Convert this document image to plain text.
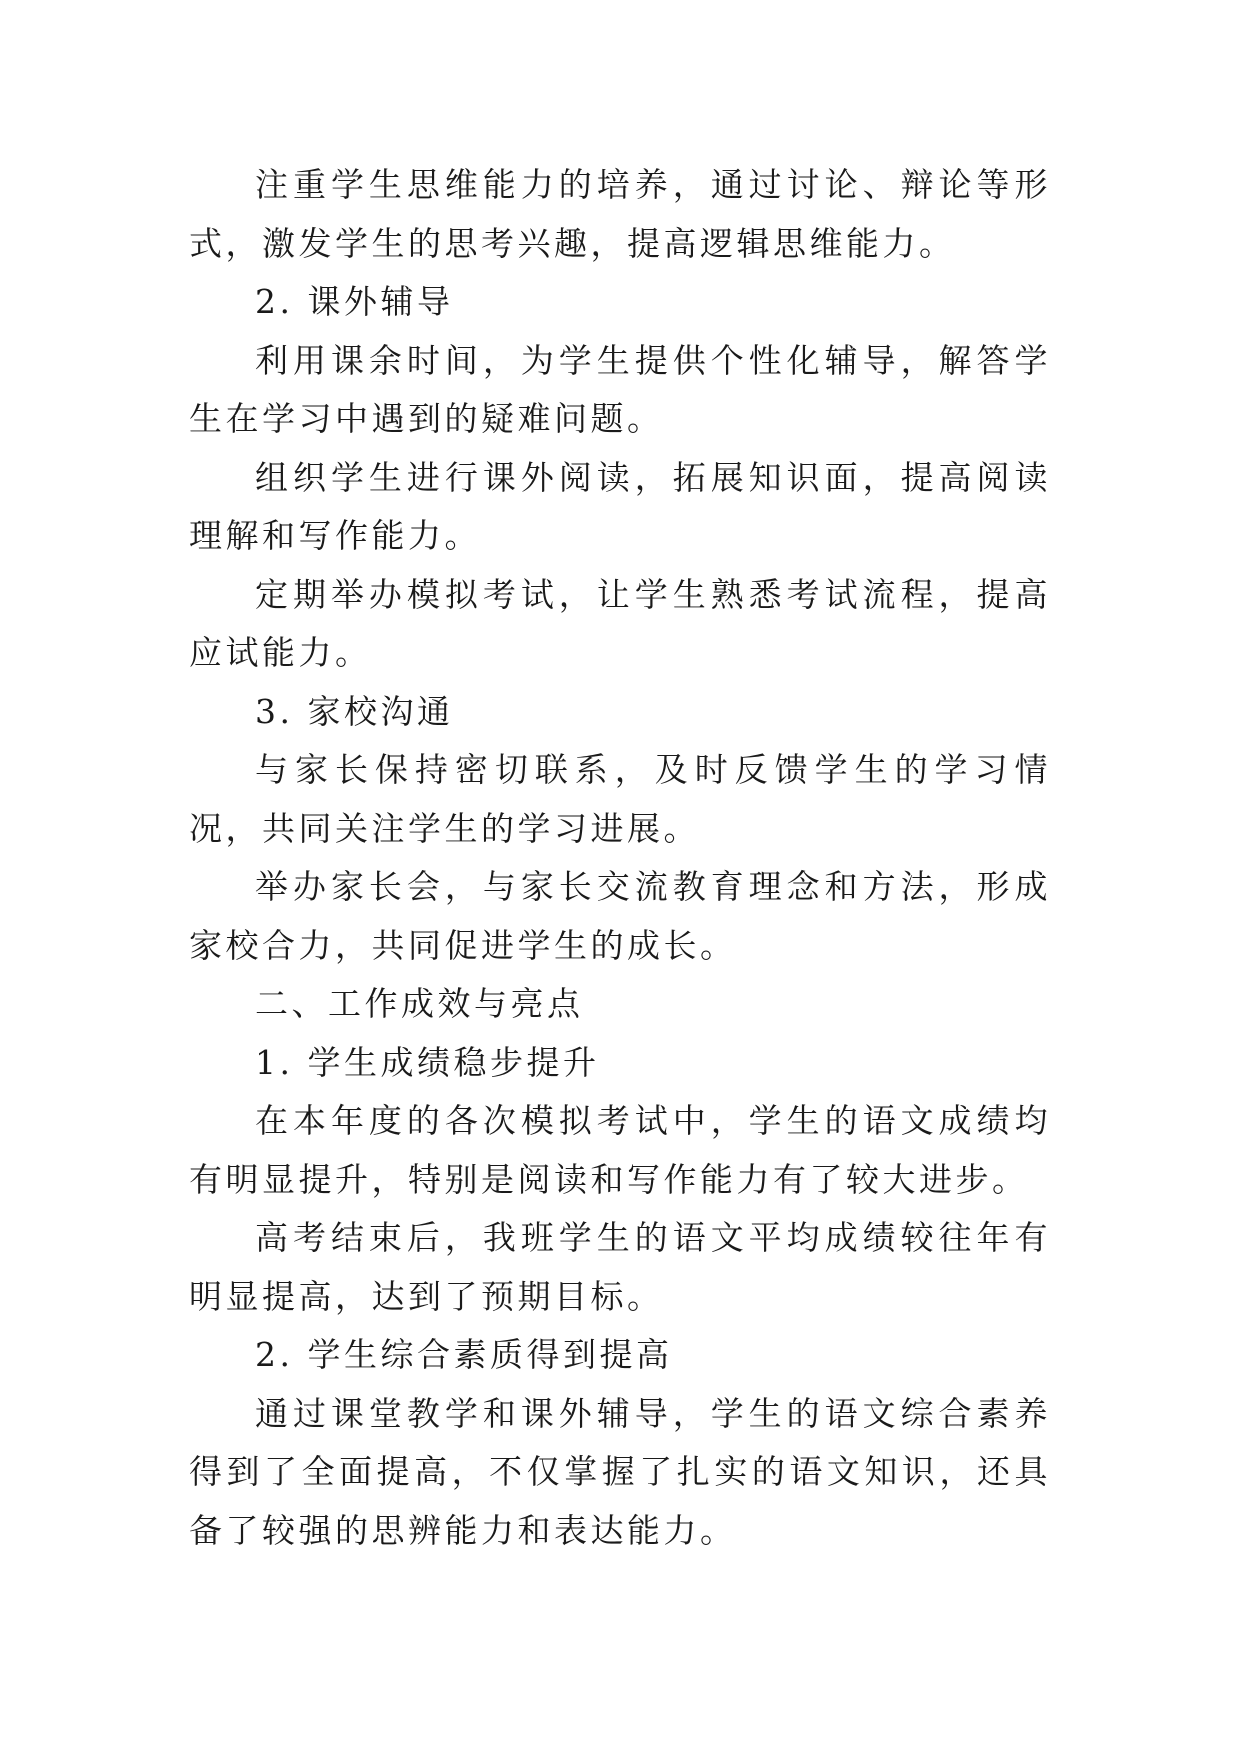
注重学生思维能力的培养，通过讨论、辩论等形式，激发学生的思考兴趣，提高逻辑思维能力。

2. 课外辅导

利用课余时间，为学生提供个性化辅导，解答学生在学习中遇到的疑难问题。

组织学生进行课外阅读，拓展知识面，提高阅读理解和写作能力。

定期举办模拟考试，让学生熟悉考试流程，提高应试能力。

3. 家校沟通

与家长保持密切联系，及时反馈学生的学习情况，共同关注学生的学习进展。

举办家长会，与家长交流教育理念和方法，形成家校合力，共同促进学生的成长。

二、工作成效与亮点

1. 学生成绩稳步提升

在本年度的各次模拟考试中，学生的语文成绩均有明显提升，特别是阅读和写作能力有了较大进步。

高考结束后，我班学生的语文平均成绩较往年有明显提高，达到了预期目标。

2. 学生综合素质得到提高

通过课堂教学和课外辅导，学生的语文综合素养得到了全面提高，不仅掌握了扎实的语文知识，还具备了较强的思辨能力和表达能力。
